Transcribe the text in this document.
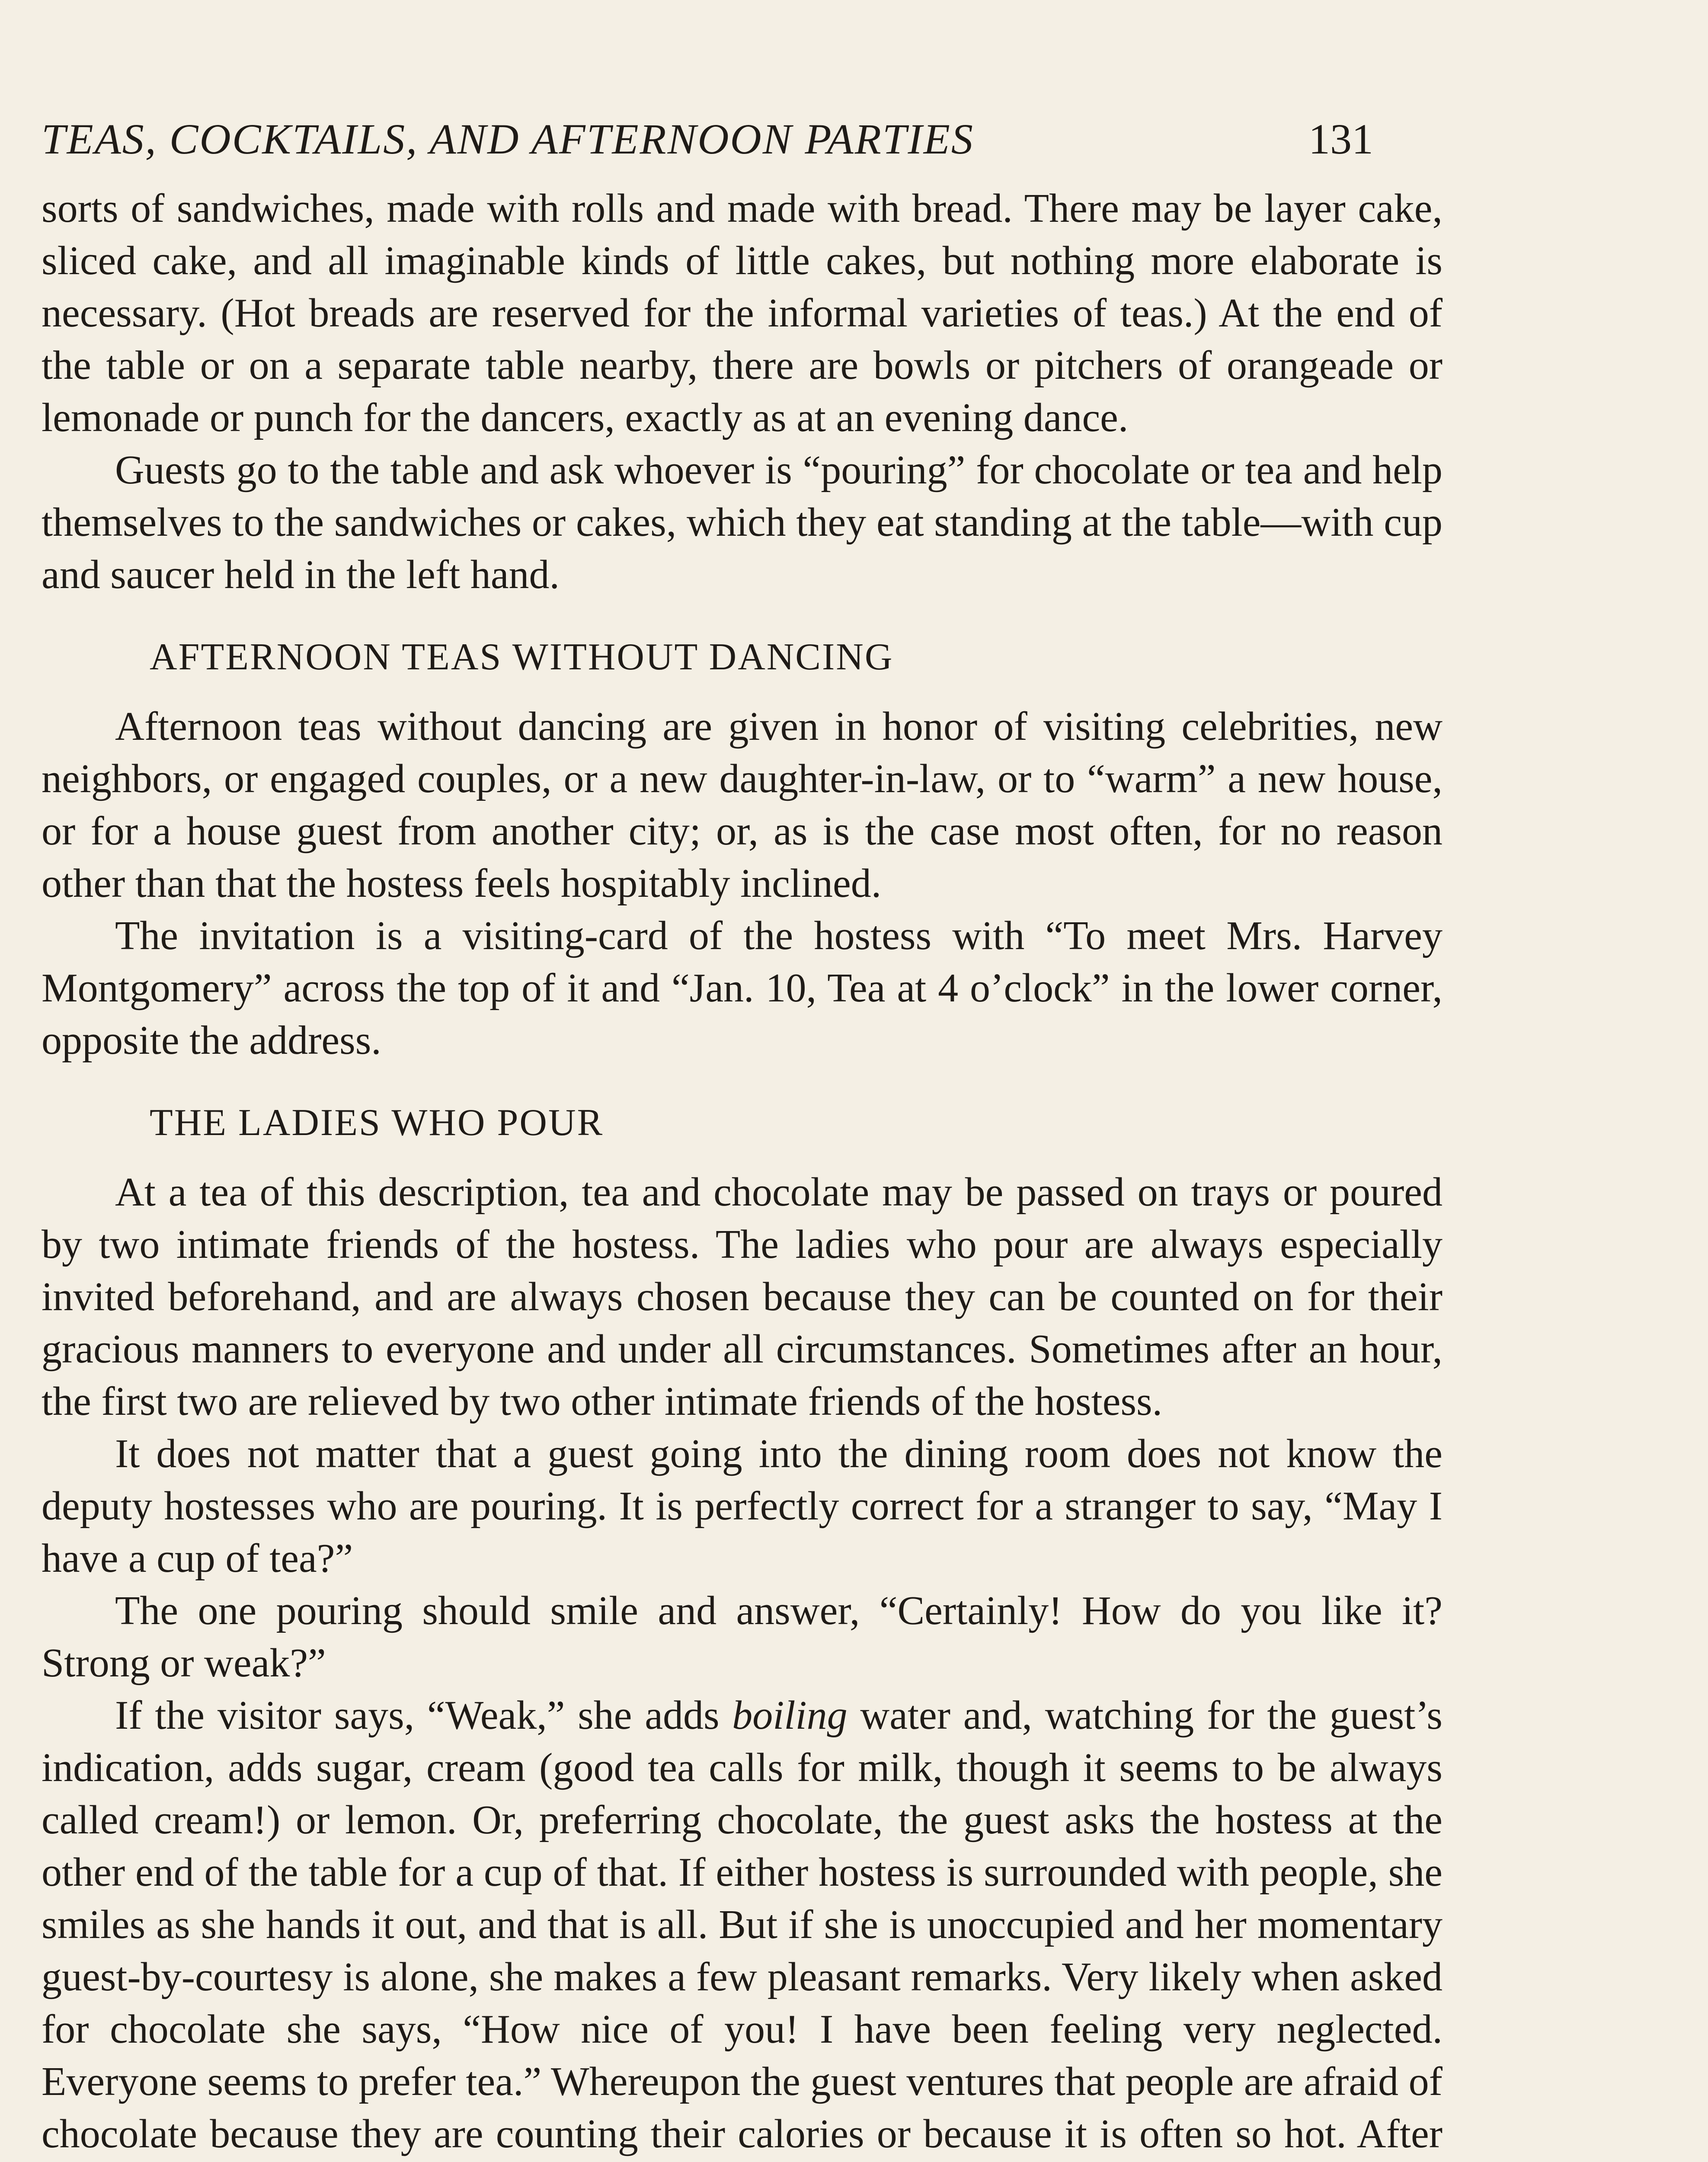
TEAS, COCKTAILS, AND AFTERNOON PARTIES	131

sorts of sandwiches, made with rolls and made with bread. There may be layer cake, sliced cake, and all imaginable kinds of little cakes, but nothing more elaborate is necessary. (Hot breads are reserved for the informal varieties of teas.) At the end of the table or on a separate table nearby, there are bowls or pitchers of orangeade or lemonade or punch for the dancers, exactly as at an evening dance.

Guests go to the table and ask whoever is “pouring” for chocolate or tea and help themselves to the sandwiches or cakes, which they eat standing at the table—with cup and saucer held in the left hand.

AFTERNOON TEAS WITHOUT DANCING

Afternoon teas without dancing are given in honor of visiting celebrities, new neighbors, or engaged couples, or a new daughter-in-law, or to “warm” a new house, or for a house guest from another city; or, as is the case most often, for no reason other than that the hostess feels hospitably inclined.

The invitation is a visiting-card of the hostess with “To meet Mrs. Harvey Montgomery” across the top of it and “Jan. 10, Tea at 4 o’clock” in the lower corner, opposite the address.

THE LADIES WHO POUR

At a tea of this description, tea and chocolate may be passed on trays or poured by two intimate friends of the hostess. The ladies who pour are always especially invited beforehand, and are always chosen because they can be counted on for their gracious manners to everyone and under all circumstances. Sometimes after an hour, the first two are relieved by two other intimate friends of the hostess.

It does not matter that a guest going into the dining room does not know the deputy hostesses who are pouring. It is perfectly correct for a stranger to say, “May I have a cup of tea?”

The one pouring should smile and answer, “Certainly! How do you like it? Strong or weak?”

If the visitor says, “Weak,” she adds boiling water and, watching for the guest’s indication, adds sugar, cream (good tea calls for milk, though it seems to be always called cream!) or lemon. Or, preferring chocolate, the guest asks the hostess at the other end of the table for a cup of that. If either hostess is surrounded with people, she smiles as she hands it out, and that is all. But if she is unoccupied and her momentary guest-by-courtesy is alone, she makes a few pleasant remarks. Very likely when asked for chocolate she says, “How nice of you! I have been feeling very neglected. Everyone seems to prefer tea.” Whereupon the guest ventures that people are afraid of chocolate because they are counting their calories or because it is often so hot. After
